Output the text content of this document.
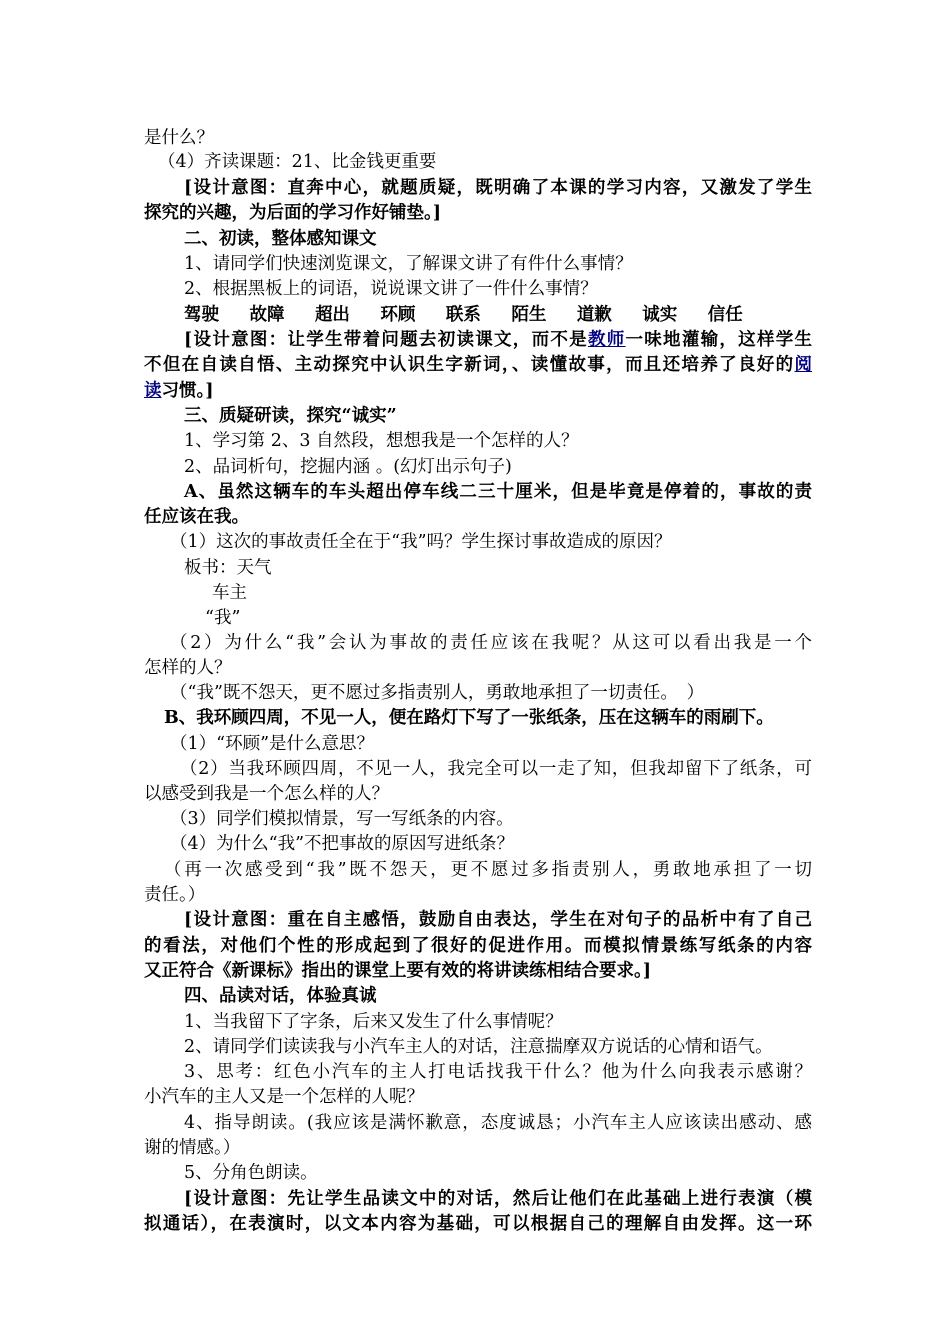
是什么？
（4）齐读课题：21、比金钱更重要
[设计意图：直奔中心，就题质疑，既明确了本课的学习内容，又激发了学生
探究的兴趣，为后面的学习作好铺垫。]
二、初读，整体感知课文
1、请同学们快速浏览课文，了解课文讲了有件什么事情？
2、根据黑板上的词语，说说课文讲了一件什么事情？
驾驶 故障 超出 环顾 联系 陌生 道歉 诚实 信任
[设计意图：让学生带着问题去初读课文，而不是教师一味地灌输，这样学生
不但在自读自悟、主动探究中认识生字新词，、读懂故事，而且还培养了良好的阅
读习惯。]
三、质疑研读，探究“诚实”
1、学习第 2、3 自然段，想想我是一个怎样的人？
2、品词析句，挖掘内涵 。(幻灯出示句子)
A、虽然这辆车的车头超出停车线二三十厘米，但是毕竟是停着的，事故的责
任应该在我。
（1）这次的事故责任全在于“我”吗？学生探讨事故造成的原因？
板书：天气
车主
“我”
（2）为什么“我”会认为事故的责任应该在我呢？从这可以看出我是一个
怎样的人？
（“我”既不怨天，更不愿过多指责别人，勇敢地承担了一切责任。　）
B、我环顾四周，不见一人，便在路灯下写了一张纸条，压在这辆车的雨刷下。
（1）“环顾”是什么意思？
（2）当我环顾四周，不见一人，我完全可以一走了知，但我却留下了纸条，可
以感受到我是一个怎么样的人？
（3）同学们模拟情景，写一写纸条的内容。
（4）为什么“我”不把事故的原因写进纸条？
（再一次感受到“我”既不怨天，更不愿过多指责别人，勇敢地承担了一切
责任。）
[设计意图：重在自主感悟，鼓励自由表达，学生在对句子的品析中有了自己
的看法，对他们个性的形成起到了很好的促进作用。而模拟情景练写纸条的内容
又正符合《新课标》指出的课堂上要有效的将讲读练相结合要求。]
四、品读对话，体验真诚
1、当我留下了字条，后来又发生了什么事情呢？
2、请同学们读读我与小汽车主人的对话，注意揣摩双方说话的心情和语气。
3、思考：红色小汽车的主人打电话找我干什么？他为什么向我表示感谢？
小汽车的主人又是一个怎样的人呢？
4、指导朗读。(我应该是满怀歉意，态度诚恳；小汽车主人应该读出感动、感
谢的情感。）
5、分角色朗读。
[设计意图：先让学生品读文中的对话，然后让他们在此基础上进行表演（模
拟通话），在表演时，以文本内容为基础，可以根据自己的理解自由发挥。这一环
